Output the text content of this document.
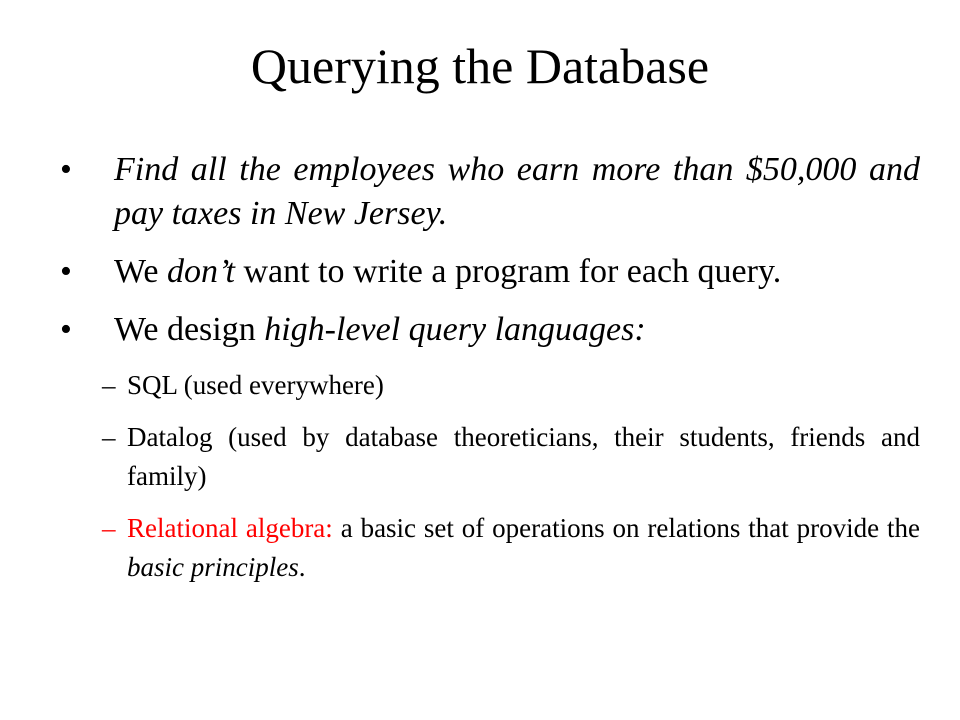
Querying the Database
• Find all the employees who earn more than $50,000 and pay taxes in New Jersey.
• We don’t want to write a program for each query.
• We design high-level query languages:
– SQL (used everywhere)
– Datalog (used by database theoreticians, their students, friends and family)
– Relational algebra: a basic set of operations on relations that provide the basic principles.
